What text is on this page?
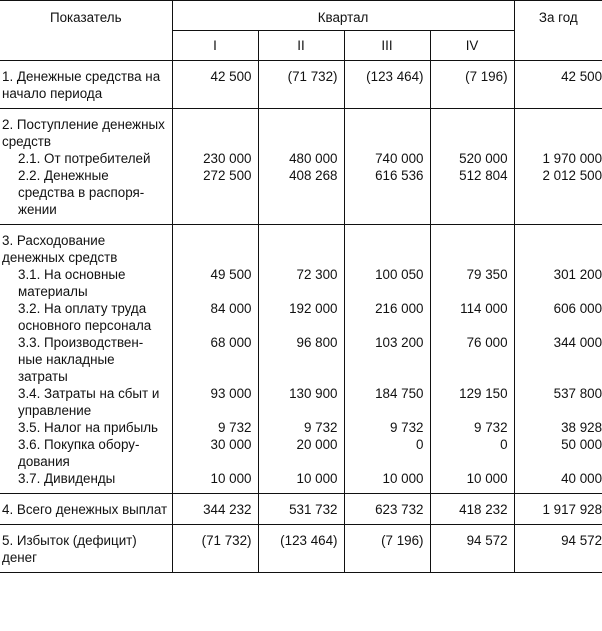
Показатель	Квартал				За год
	I	II	III	IV	
1. Денежные средства на начало периода	42 500	(71 732)	(123 464)	(7 196)	42 500
2. Поступление денежных средств					
2.1. От потребителей	230 000	480 000	740 000	520 000	1 970 000
2.2. Денежные средства в распоря-жении	272 500	408 268	616 536	512 804	2 012 500
3. Расходование денежных средств					
3.1. На основные материалы	49 500	72 300	100 050	79 350	301 200
3.2. На оплату труда основного персонала	84 000	192 000	216 000	114 000	606 000
3.3. Производствен-ные накладные затраты	68 000	96 800	103 200	76 000	344 000
3.4. Затраты на сбыт и управление	93 000	130 900	184 750	129 150	537 800
3.5. Налог на прибыль	9 732	9 732	9 732	9 732	38 928
3.6. Покупка обору-дования	30 000	20 000	0	0	50 000
3.7. Дивиденды	10 000	10 000	10 000	10 000	40 000
4. Всего денежных выплат	344 232	531 732	623 732	418 232	1 917 928
5. Избыток (дефицит) денег	(71 732)	(123 464)	(7 196)	94 572	94 572
